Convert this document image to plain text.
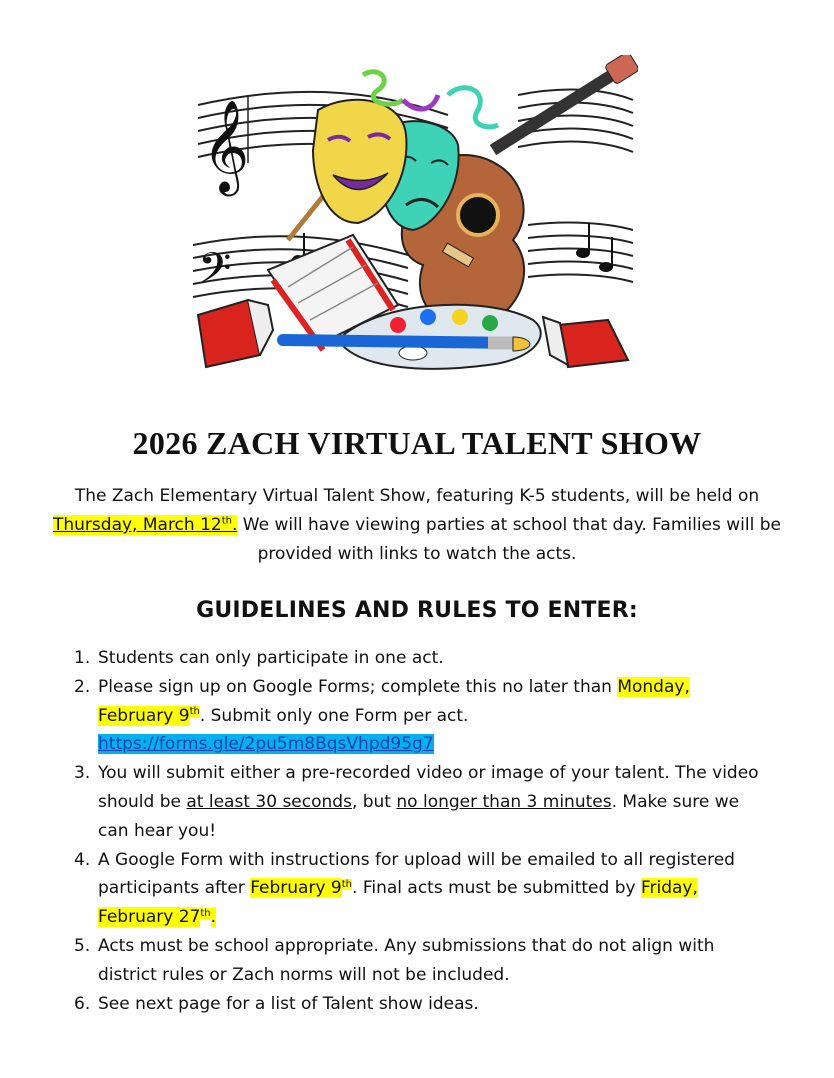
𝄞
𝄢
2026 ZACH VIRTUAL TALENT SHOW
The Zach Elementary Virtual Talent Show, featuring K-5 students, will be held on Thursday, March 12th. We will have viewing parties at school that day. Families will be provided with links to watch the acts.
GUIDELINES AND RULES TO ENTER:
1. Students can only participate in one act.
2. Please sign up on Google Forms; complete this no later than Monday, February 9th. Submit only one Form per act.
https://forms.gle/2pu5m8BqsVhpd95g7
3. You will submit either a pre-recorded video or image of your talent. The video should be at least 30 seconds, but no longer than 3 minutes. Make sure we can hear you!
4. A Google Form with instructions for upload will be emailed to all registered participants after February 9th. Final acts must be submitted by Friday, February 27th.
5. Acts must be school appropriate. Any submissions that do not align with district rules or Zach norms will not be included.
6. See next page for a list of Talent show ideas.
